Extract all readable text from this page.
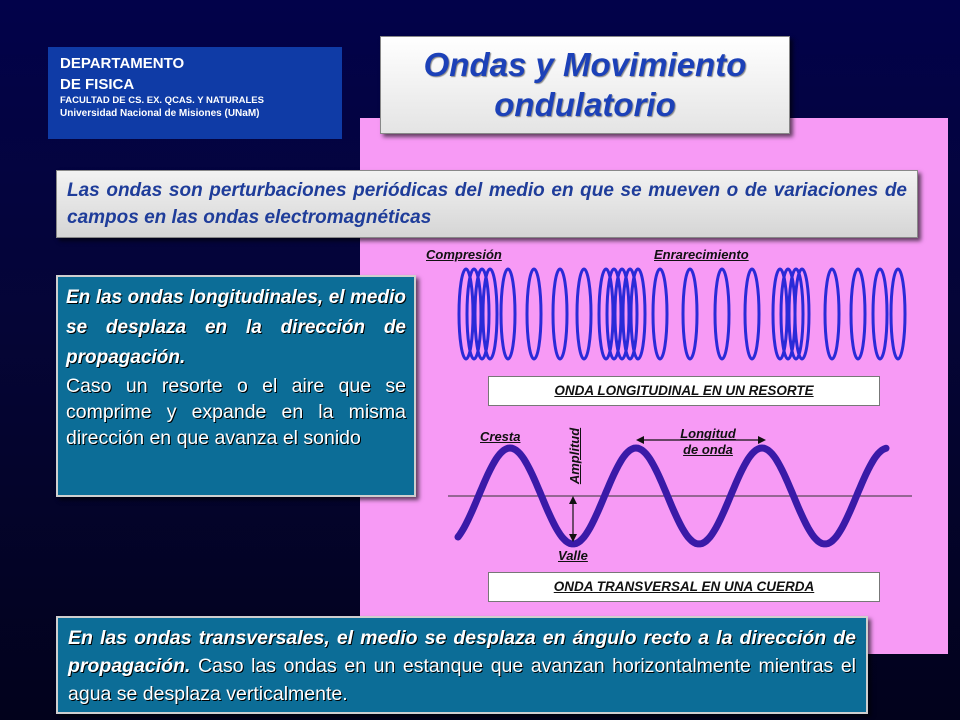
DEPARTAMENTO
DE FISICA
FACULTAD DE CS. EX. QCAS. Y NATURALES
Universidad Nacional de Misiones (UNaM)
Ondas y Movimiento
ondulatorio
Las ondas son perturbaciones periódicas del medio en que se mueven o de variaciones de campos en las ondas electromagnéticas
En las ondas longitudinales, el medio se desplaza en la dirección de propagación.
Caso un resorte o el aire que se comprime y expande en la misma dirección en que avanza el sonido
Compresión	Enrarecimiento
ONDA LONGITUDINAL EN UN RESORTE
Cresta	Amplitud	Longitud
de onda
Valle
ONDA TRANSVERSAL EN UNA CUERDA
En las ondas transversales, el medio se desplaza en ángulo recto a la dirección de propagación. Caso las ondas en un estanque que avanzan horizontalmente mientras el agua se desplaza verticalmente.
